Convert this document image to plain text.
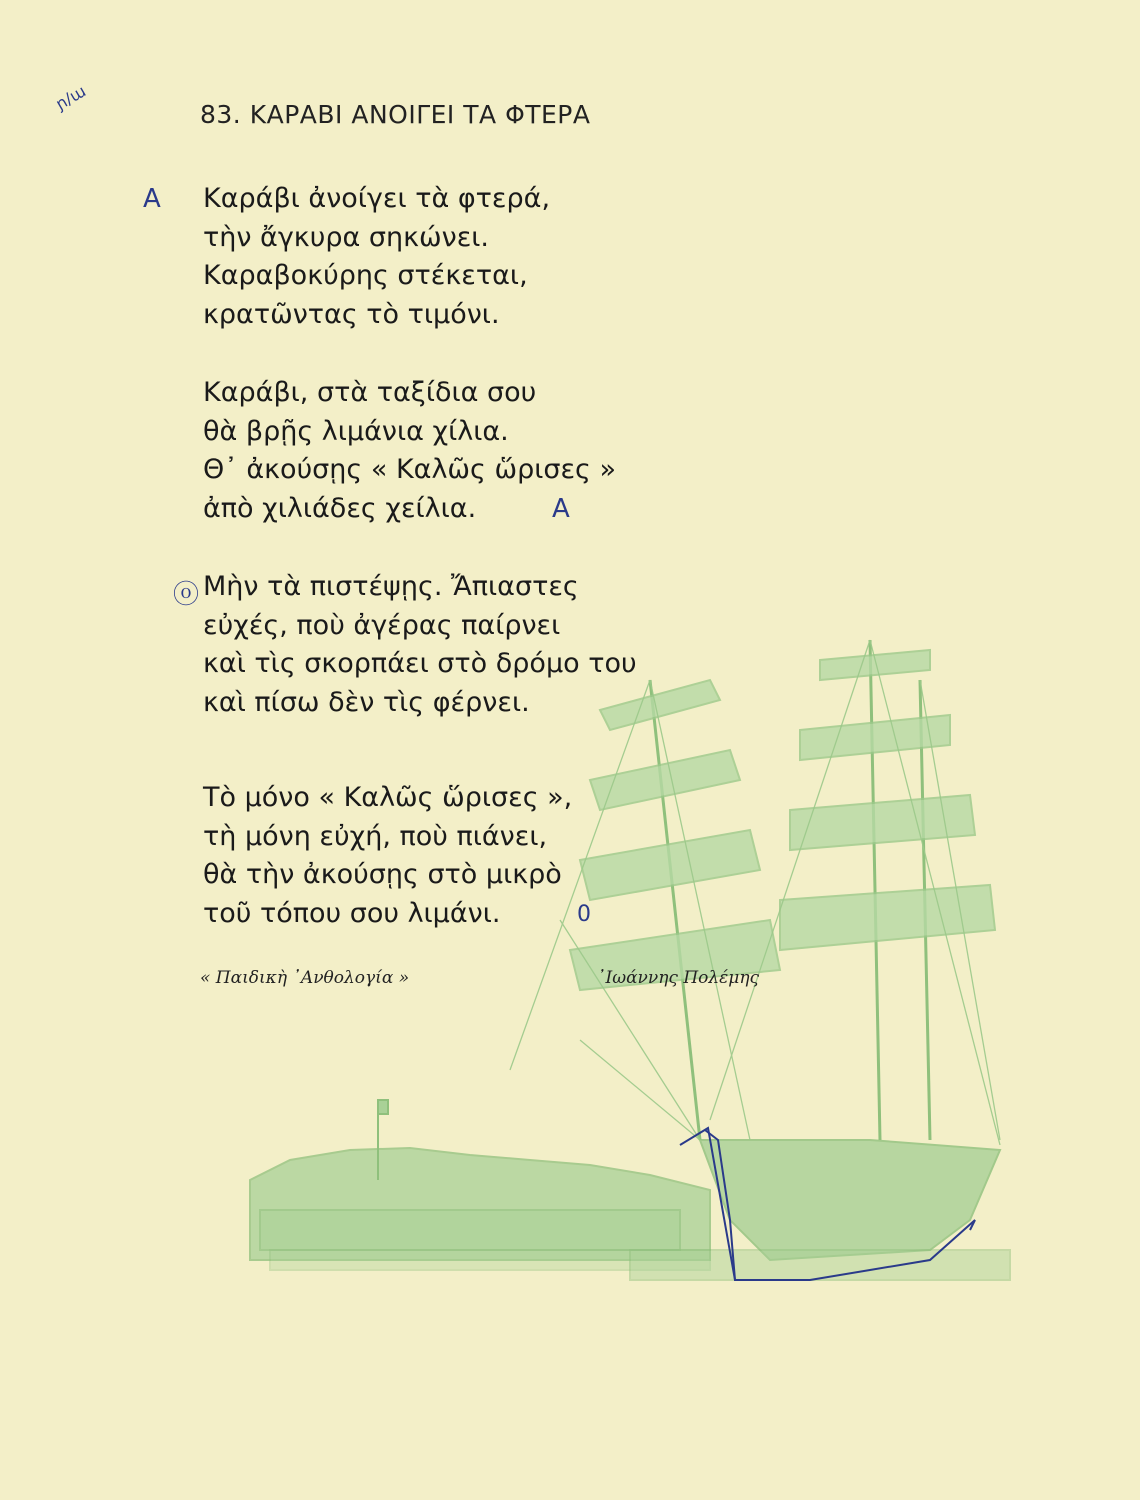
ɲ/ɯ
83. ΚΑΡΑΒΙ ΑΝΟΙΓΕΙ ΤΑ ΦΤΕΡΑ
A
A
ⓞ
0
Καράβι ἀνοίγει τὰ φτερά,
τὴν ἄγκυρα σηκώνει.
Καραβοκύρης στέκεται,
κρατῶντας τὸ τιμόνι.
Καράβι, στὰ ταξίδια σου
θὰ βρῇς λιμάνια χίλια.
Θ᾿ ἀκούσῃς « Καλῶς ὥρισες »
ἀπὸ χιλιάδες χείλια.
Μὴν τὰ πιστέψῃς. Ἄπιαστες
εὐχές, ποὺ ἀγέρας παίρνει
καὶ τὶς σκορπάει στὸ δρόμο του
καὶ πίσω δὲν τὶς φέρνει.
Τὸ μόνο « Καλῶς ὥρισες »,
τὴ μόνη εὐχή, ποὺ πιάνει,
θὰ τὴν ἀκούσῃς στὸ μικρὸ
τοῦ τόπου σου λιμάνι.
« Παιδικὴ ᾿Ανθολογία »	᾿Ιωάννης Πολέμης
